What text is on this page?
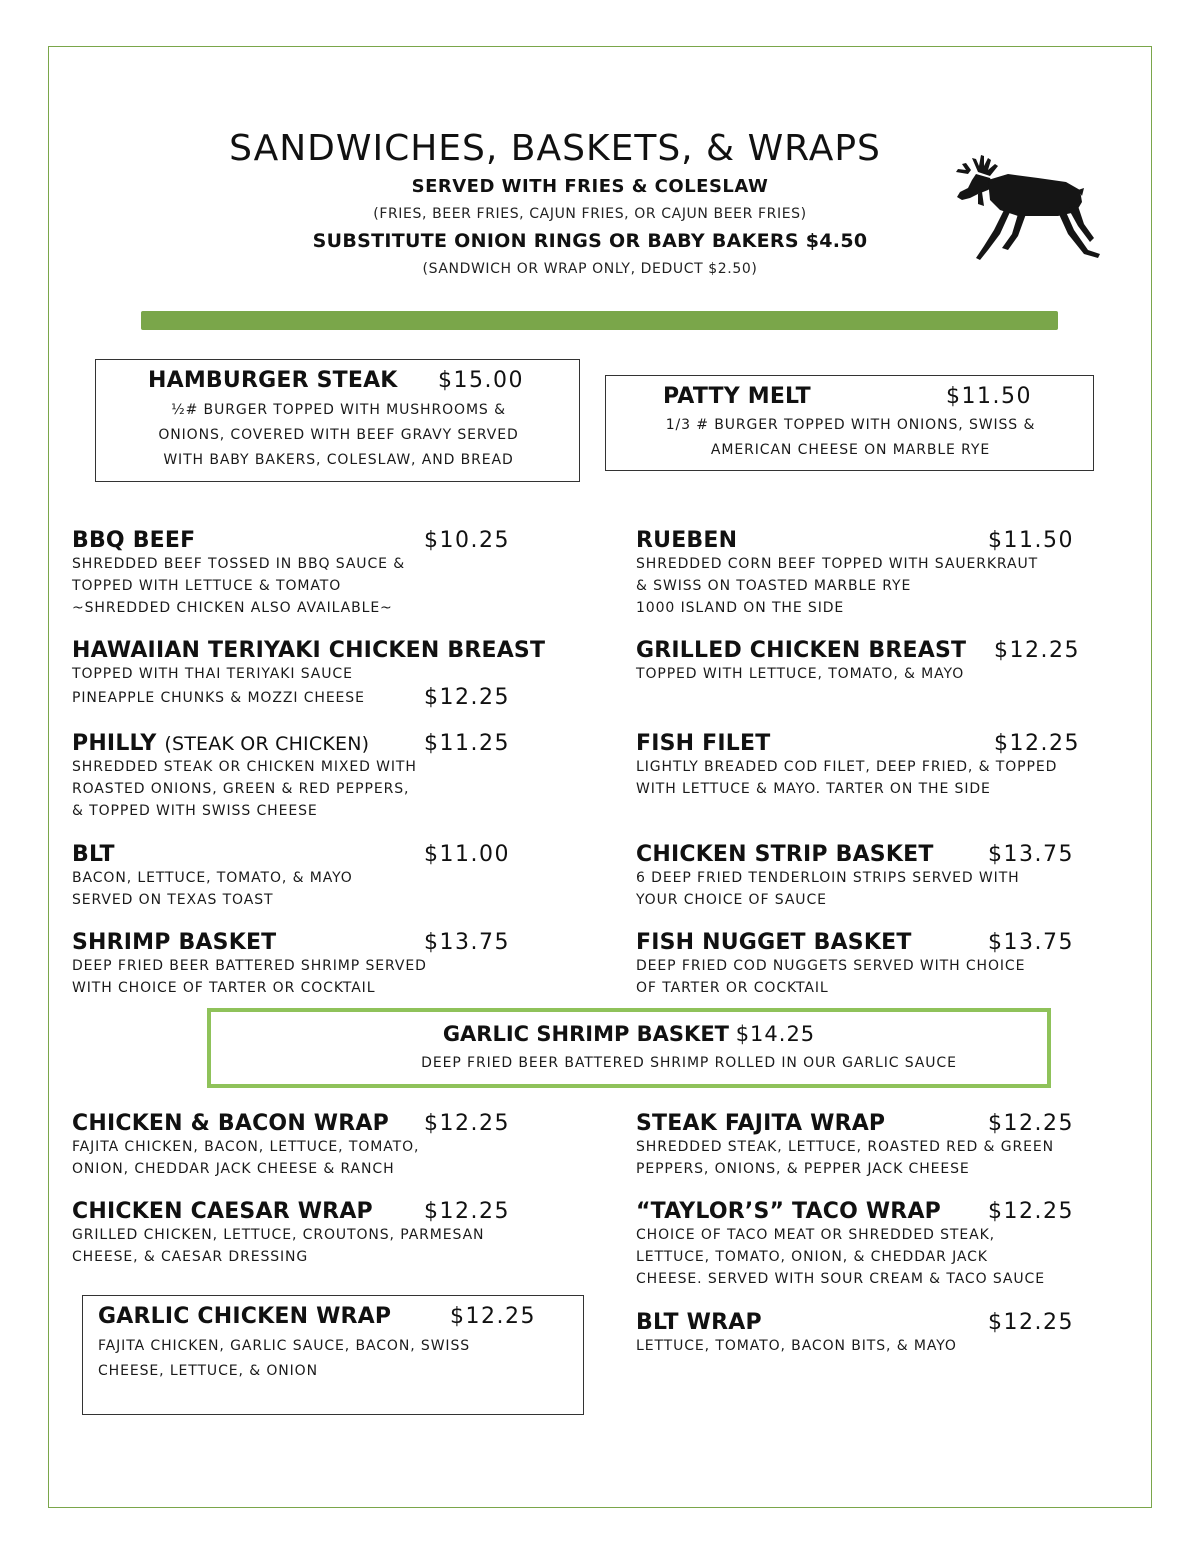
SANDWICHES, BASKETS, & WRAPS
SERVED WITH FRIES & COLESLAW
(FRIES, BEER FRIES, CAJUN FRIES, OR CAJUN BEER FRIES)
SUBSTITUTE ONION RINGS OR BABY BAKERS $4.50
(SANDWICH OR WRAP ONLY, DEDUCT $2.50)
HAMBURGER STEAK $15.00
½# BURGER TOPPED WITH MUSHROOMS &
ONIONS, COVERED WITH BEEF GRAVY SERVED
WITH BABY BAKERS, COLESLAW, AND BREAD
PATTY MELT	$11.50
1/3 # BURGER TOPPED WITH ONIONS, SWISS &
AMERICAN CHEESE ON MARBLE RYE
BBQ BEEF	$10.25
SHREDDED BEEF TOSSED IN BBQ SAUCE &
TOPPED WITH LETTUCE & TOMATO
~SHREDDED CHICKEN ALSO AVAILABLE~
HAWAIIAN TERIYAKI CHICKEN BREAST
TOPPED WITH THAI TERIYAKI SAUCE
PINEAPPLE CHUNKS & MOZZI CHEESE	$12.25
PHILLY (STEAK OR CHICKEN)	$11.25
SHREDDED STEAK OR CHICKEN MIXED WITH
ROASTED ONIONS, GREEN & RED PEPPERS,
& TOPPED WITH SWISS CHEESE
BLT	$11.00
BACON, LETTUCE, TOMATO, & MAYO
SERVED ON TEXAS TOAST
SHRIMP BASKET	$13.75
DEEP FRIED BEER BATTERED SHRIMP SERVED
WITH CHOICE OF TARTER OR COCKTAIL
RUEBEN	$11.50
SHREDDED CORN BEEF TOPPED WITH SAUERKRAUT
& SWISS ON TOASTED MARBLE RYE
1000 ISLAND ON THE SIDE
GRILLED CHICKEN BREAST	$12.25
TOPPED WITH LETTUCE, TOMATO, & MAYO
FISH FILET	$12.25
LIGHTLY BREADED COD FILET, DEEP FRIED, & TOPPED
WITH LETTUCE & MAYO. TARTER ON THE SIDE
CHICKEN STRIP BASKET	$13.75
6 DEEP FRIED TENDERLOIN STRIPS SERVED WITH
YOUR CHOICE OF SAUCE
FISH NUGGET BASKET	$13.75
DEEP FRIED COD NUGGETS SERVED WITH CHOICE
OF TARTER OR COCKTAIL
GARLIC SHRIMP BASKET $14.25
DEEP FRIED BEER BATTERED SHRIMP ROLLED IN OUR GARLIC SAUCE
CHICKEN & BACON WRAP	$12.25
FAJITA CHICKEN, BACON, LETTUCE, TOMATO,
ONION, CHEDDAR JACK CHEESE & RANCH
CHICKEN CAESAR WRAP	$12.25
GRILLED CHICKEN, LETTUCE, CROUTONS, PARMESAN
CHEESE, & CAESAR DRESSING
STEAK FAJITA WRAP	$12.25
SHREDDED STEAK, LETTUCE, ROASTED RED & GREEN
PEPPERS, ONIONS, & PEPPER JACK CHEESE
“TAYLOR’S” TACO WRAP	$12.25
CHOICE OF TACO MEAT OR SHREDDED STEAK,
LETTUCE, TOMATO, ONION, & CHEDDAR JACK
CHEESE. SERVED WITH SOUR CREAM & TACO SAUCE
BLT WRAP	$12.25
LETTUCE, TOMATO, BACON BITS, & MAYO
GARLIC CHICKEN WRAP	$12.25
FAJITA CHICKEN, GARLIC SAUCE, BACON, SWISS
CHEESE, LETTUCE, & ONION
